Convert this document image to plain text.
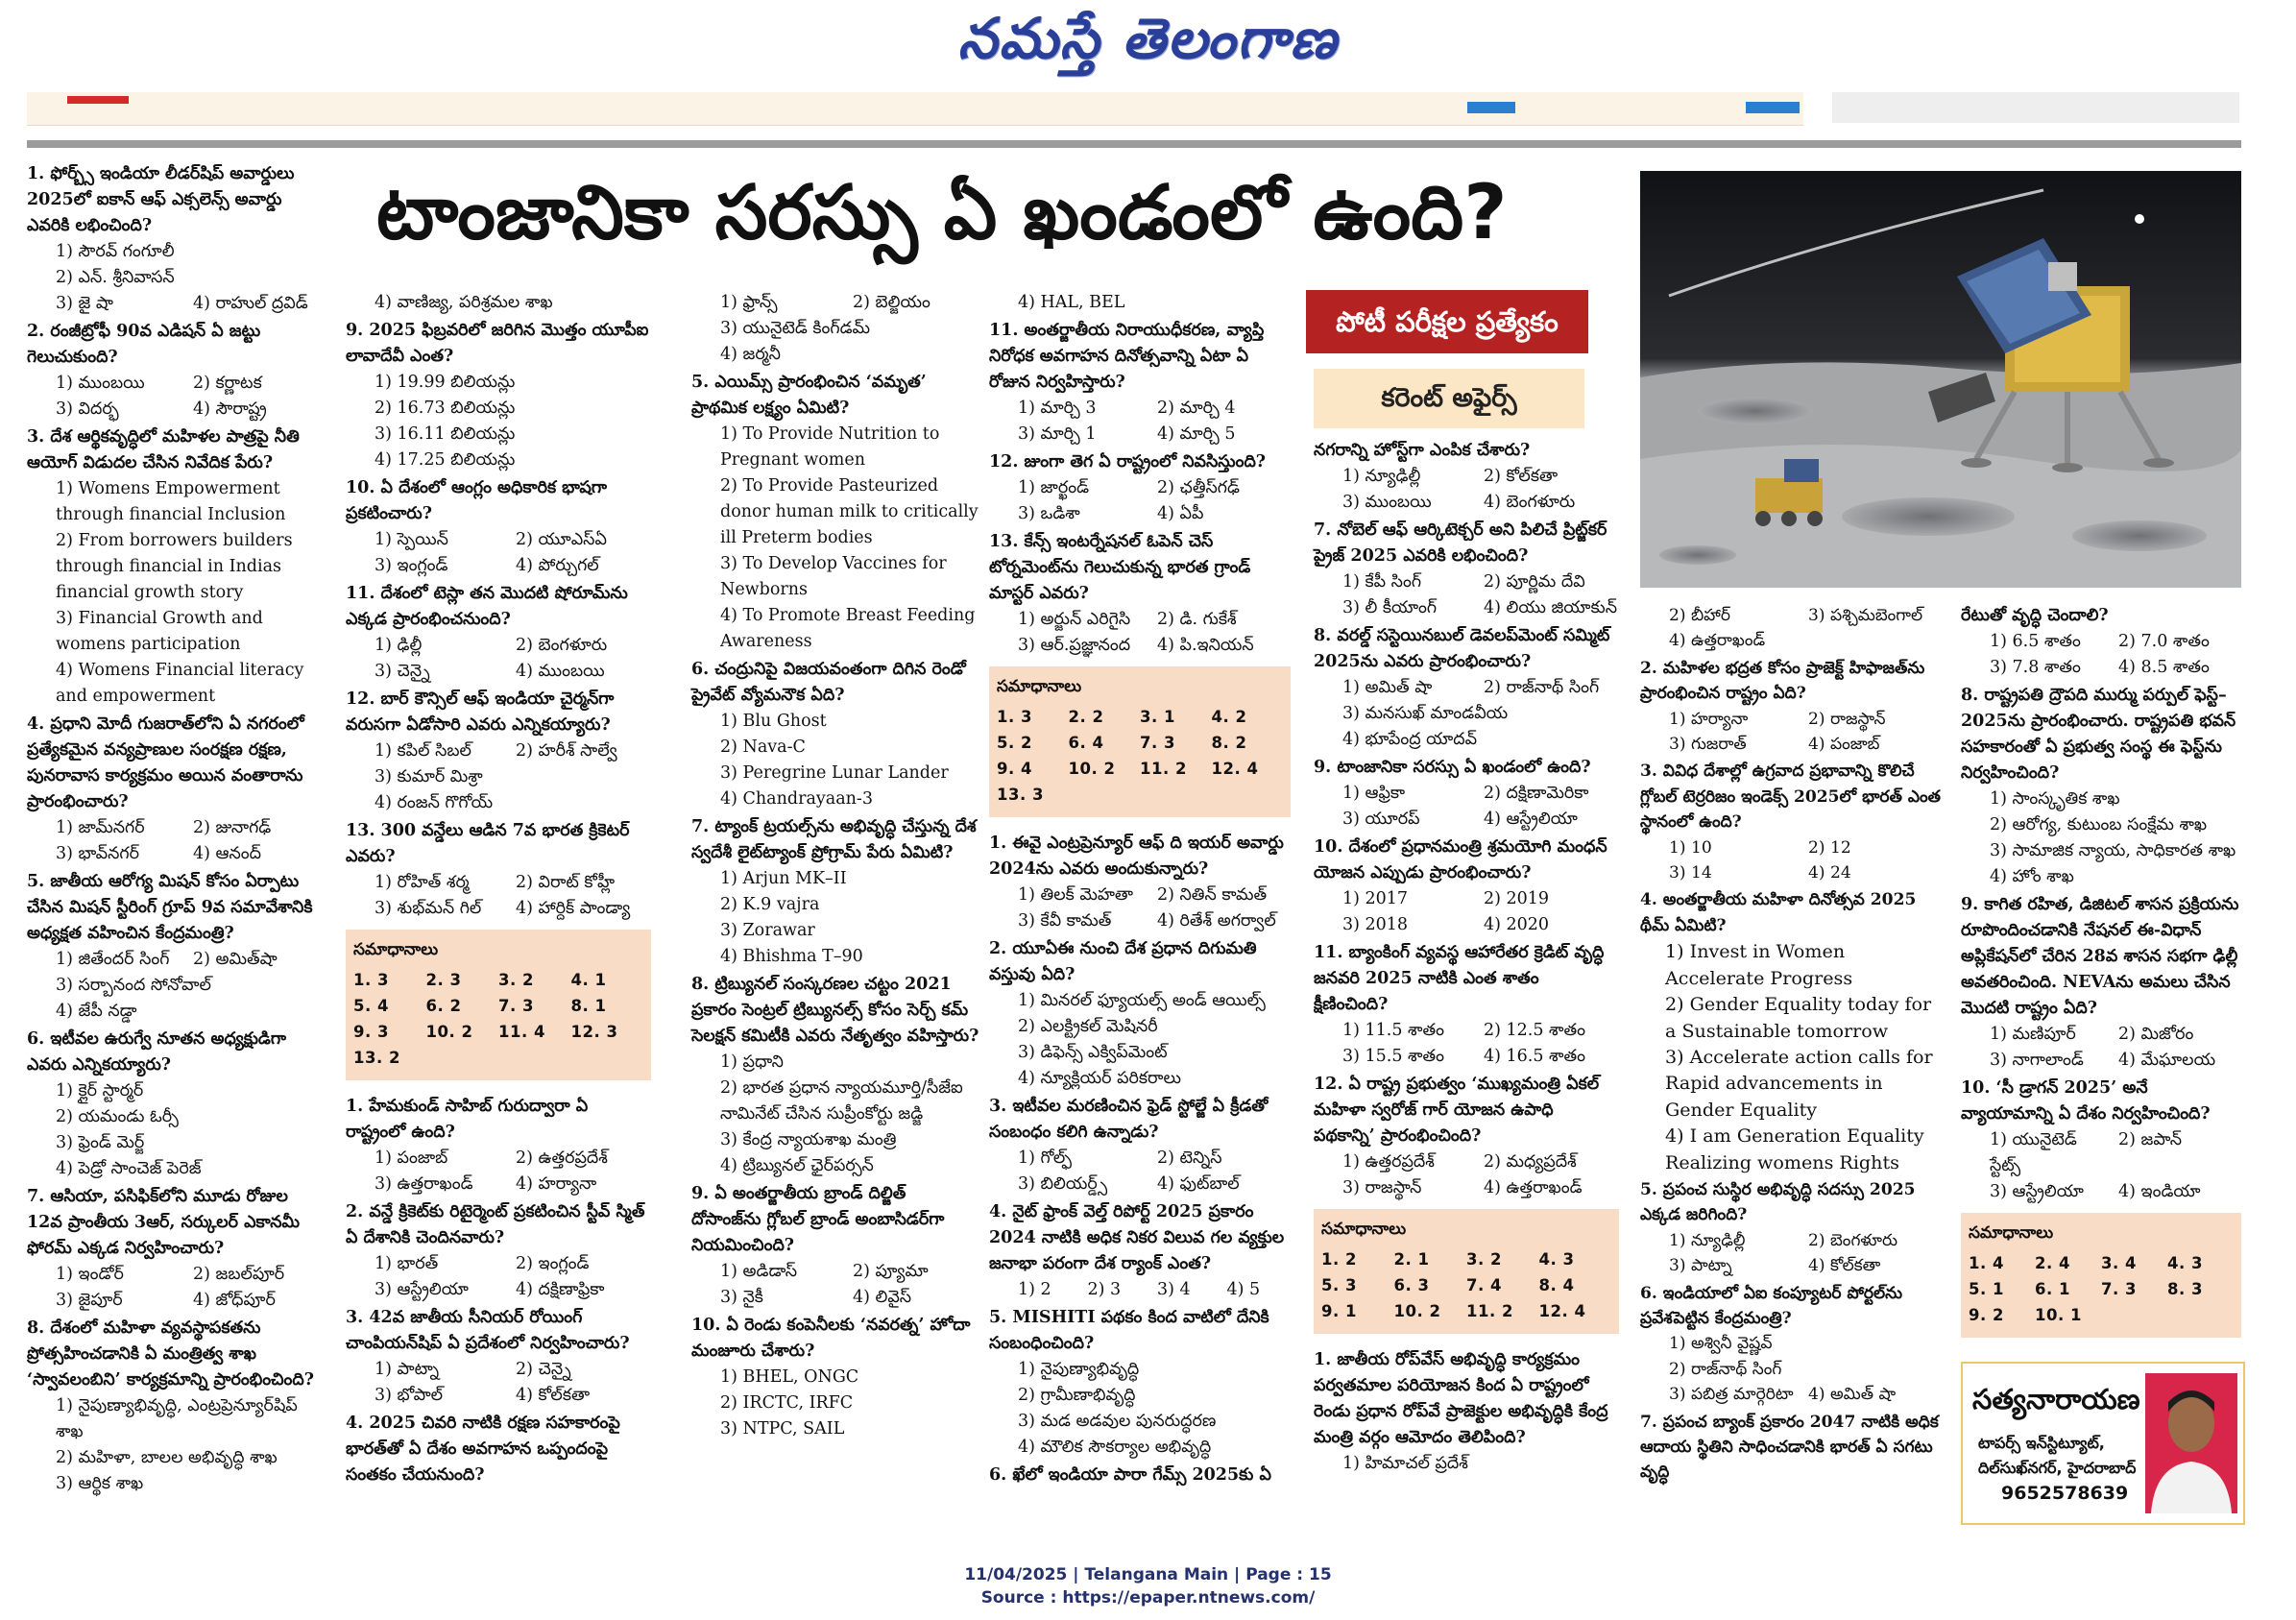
నమస్తే తెలంగాణ
టాంజానికా సరస్సు ఏ ఖండంలో ఉంది?
1. ఫోర్బ్స్ ఇండియా లీడర్‌షిప్ అవార్డులు 2025లో ఐకాన్ ఆఫ్ ఎక్సలెన్స్ అవార్డు ఎవరికి లభించింది?
1) సౌరవ్ గంగూలీ
2) ఎన్. శ్రీనివాసన్
3) జై షా	4) రాహుల్ ద్రవిడ్
2. రంజీట్రోఫీ 90వ ఎడిషన్ ఏ జట్టు గెలుచుకుంది?
1) ముంబయి	2) కర్ణాటక
3) విదర్భ	4) సౌరాష్ట్ర
3. దేశ ఆర్థికవృద్ధిలో మహిళల పాత్రపై నీతి ఆయోగ్ విడుదల చేసిన నివేదిక పేరు?
1) Womens Empowerment through financial Inclusion
2) From borrowers builders through financial in Indias financial growth story
3) Financial Growth and womens participation
4) Womens Financial literacy and empowerment
4. ప్రధాని మోదీ గుజరాత్‌లోని ఏ నగరంలో ప్రత్యేకమైన వన్యప్రాణుల సంరక్షణ రక్షణ, పునరావాస కార్యక్రమం అయిన వంతారాను ప్రారంభించారు?
1) జామ్‌నగర్	2) జునాగఢ్
3) భావ్‌నగర్	4) ఆనంద్
5. జాతీయ ఆరోగ్య మిషన్ కోసం ఏర్పాటు చేసిన మిషన్ స్టీరింగ్ గ్రూప్ 9వ సమావేశానికి అధ్యక్షత వహించిన కేంద్రమంత్రి?
1) జితేందర్ సింగ్	2) అమిత్‌షా
3) సర్బానంద సోనోవాల్
4) జేపీ నడ్డా
6. ఇటీవల ఉరుగ్వే నూతన అధ్యక్షుడిగా ఎవరు ఎన్నికయ్యారు?
1) క్లైర్ స్టార్మర్
2) యమండు ఓర్సీ
3) ఫ్రెండ్ మెర్జ్
4) పెడ్రో సాంచెజ్ పెరెజ్
7. ఆసియా, పసిఫిక్‌లోని మూడు రోజుల 12వ ప్రాంతీయ 3ఆర్, సర్కులర్ ఎకానమీ ఫోరమ్ ఎక్కడ నిర్వహించారు?
1) ఇండోర్	2) జబల్‌పూర్
3) జైపూర్	4) జోధ్‌పూర్
8. దేశంలో మహిళా వ్యవస్థాపకతను ప్రోత్సహించడానికి ఏ మంత్రిత్వ శాఖ ‘స్వావలంబిని’ కార్యక్రమాన్ని ప్రారంభించింది?
1) నైపుణ్యాభివృద్ధి, ఎంట్రప్రెన్యూర్‌షిప్ శాఖ
2) మహిళా, బాలల అభివృద్ధి శాఖ
3) ఆర్థిక శాఖ
4) వాణిజ్య, పరిశ్రమల శాఖ
9. 2025 ఫిబ్రవరిలో జరిగిన మొత్తం యూపీఐ లావాదేవీ ఎంత?
1) 19.99 బిలియన్లు
2) 16.73 బిలియన్లు
3) 16.11 బిలియన్లు
4) 17.25 బిలియన్లు
10. ఏ దేశంలో ఆంగ్లం అధికారిక భాషగా ప్రకటించారు?
1) స్పెయిన్	2) యూఎస్ఏ
3) ఇంగ్లండ్	4) పోర్చుగల్
11. దేశంలో టెస్లా తన మొదటి షోరూమ్‌ను ఎక్కడ ప్రారంభించనుంది?
1) ఢిల్లీ	2) బెంగళూరు
3) చెన్నై	4) ముంబయి
12. బార్ కౌన్సిల్ ఆఫ్ ఇండియా చైర్మన్‌గా వరుసగా ఏడోసారి ఎవరు ఎన్నికయ్యారు?
1) కపిల్ సిబల్	2) హరీశ్ సాల్వే
3) కుమార్ మిశ్రా
4) రంజన్ గొగోయ్
13. 300 వన్డేలు ఆడిన 7వ భారత క్రికెటర్ ఎవరు?
1) రోహిత్ శర్మ	2) విరాట్ కోహ్లీ
3) శుభ్‌మన్ గిల్	4) హార్దిక్ పాండ్యా
సమాధానాలు
1. 3	2. 3	3. 2	4. 1
5. 4	6. 2	7. 3	8. 1
9. 3	10. 2	11. 4	12. 3
13. 2
1. హేమకుండ్ సాహిబ్ గురుద్వారా ఏ రాష్ట్రంలో ఉంది?
1) పంజాబ్	2) ఉత్తరప్రదేశ్
3) ఉత్తరాఖండ్	4) హర్యానా
2. వన్డే క్రికెట్‌కు రిటైర్మెంట్ ప్రకటించిన స్టీవ్ స్మిత్ ఏ దేశానికి చెందినవారు?
1) భారత్	2) ఇంగ్లండ్
3) ఆస్ట్రేలియా	4) దక్షిణాఫ్రికా
3. 42వ జాతీయ సీనియర్ రోయింగ్ చాంపియన్‌షిప్ ఏ ప్రదేశంలో నిర్వహించారు?
1) పాట్నా	2) చెన్నై
3) భోపాల్	4) కోల్‌కతా
4. 2025 చివరి నాటికి రక్షణ సహకారంపై భారత్‌తో ఏ దేశం అవగాహన ఒప్పందంపై సంతకం చేయనుంది?
1) ఫ్రాన్స్	2) బెల్జియం
3) యునైటెడ్ కింగ్‌డమ్
4) జర్మనీ
5. ఎయిమ్స్ ప్రారంభించిన ‘వమృత’ ప్రాథమిక లక్ష్యం ఏమిటి?
1) To Provide Nutrition to Pregnant women
2) To Provide Pasteurized donor human milk to critically ill Preterm bodies
3) To Develop Vaccines for Newborns
4) To Promote Breast Feeding Awareness
6. చంద్రునిపై విజయవంతంగా దిగిన రెండో ప్రైవేట్ వ్యోమనౌక ఏది?
1) Blu Ghost
2) Nava-C
3) Peregrine Lunar Lander
4) Chandrayaan-3
7. ట్యాంక్ ట్రయల్స్‌ను అభివృద్ధి చేస్తున్న దేశ స్వదేశీ లైట్‌ట్యాంక్ ప్రోగ్రామ్ పేరు ఏమిటి?
1) Arjun MK–II
2) K.9 vajra
3) Zorawar
4) Bhishma T–90
8. ట్రిబ్యునల్ సంస్కరణల చట్టం 2021 ప్రకారం సెంట్రల్ ట్రిబ్యునల్స్ కోసం సెర్చ్ కమ్ సెలక్షన్ కమిటీకి ఎవరు నేతృత్వం వహిస్తారు?
1) ప్రధాని
2) భారత ప్రధాన న్యాయమూర్తి/సీజేఐ నామినేట్ చేసిన సుప్రీంకోర్టు జడ్జి
3) కేంద్ర న్యాయశాఖ మంత్రి
4) ట్రిబ్యునల్ ఛైర్‌పర్సన్
9. ఏ అంతర్జాతీయ బ్రాండ్ దిల్జిత్ దోసాంజ్‌ను గ్లోబల్ బ్రాండ్ అంబాసిడర్‌గా నియమించింది?
1) అడిడాస్	2) ప్యూమా
3) నైకీ	4) లివైస్
10. ఏ రెండు కంపెనీలకు ‘నవరత్న’ హోదా మంజూరు చేశారు?
1) BHEL, ONGC
2) IRCTC, IRFC
3) NTPC, SAIL
4) HAL, BEL
11. అంతర్జాతీయ నిరాయుధీకరణ, వ్యాప్తి నిరోధక అవగాహన దినోత్సవాన్ని ఏటా ఏ రోజున నిర్వహిస్తారు?
1) మార్చి 3	2) మార్చి 4
3) మార్చి 1	4) మార్చి 5
12. జుంగా తెగ ఏ రాష్ట్రంలో నివసిస్తుంది?
1) జార్ఖండ్	2) ఛత్తీస్‌గఢ్
3) ఒడిశా	4) ఏపీ
13. కేన్స్ ఇంటర్నేషనల్ ఓపెన్ చెస్ టోర్నమెంట్‌ను గెలుచుకున్న భారత గ్రాండ్ మాస్టర్ ఎవరు?
1) అర్జున్ ఎరిగైసి	2) డి. గుకేశ్
3) ఆర్.ప్రజ్ఞానంద	4) పి.ఇనియన్
సమాధానాలు
1. 3	2. 2	3. 1	4. 2
5. 2	6. 4	7. 3	8. 2
9. 4	10. 2	11. 2	12. 4
13. 3
1. ఈవై ఎంట్రప్రెన్యూర్ ఆఫ్ ది ఇయర్ అవార్డు 2024ను ఎవరు అందుకున్నారు?
1) తిలక్ మెహతా	2) నితిన్ కామత్
3) కేవీ కామత్	4) రితేశ్ అగర్వాల్
2. యూఏఈ నుంచి దేశ ప్రధాన దిగుమతి వస్తువు ఏది?
1) మినరల్ ఫ్యూయల్స్ అండ్ ఆయిల్స్
2) ఎలక్ట్రికల్ మెషినరీ
3) డిఫెన్స్ ఎక్విప్‌మెంట్
4) న్యూక్లియర్ పరికరాలు
3. ఇటీవల మరణించిన ఫ్రెడ్ స్టోల్జే ఏ క్రీడతో సంబంధం కలిగి ఉన్నాడు?
1) గోల్ఫ్	2) టెన్నిస్
3) బిలియర్డ్స్	4) ఫుట్‌బాల్
4. నైట్ ఫ్రాంక్ వెల్త్ రిపోర్ట్ 2025 ప్రకారం 2024 నాటికి అధిక నికర విలువ గల వ్యక్తుల జనాభా పరంగా దేశ ర్యాంక్ ఎంత?
1) 2	2) 3	3) 4	4) 5
5. MISHITI పథకం కింద వాటిలో దేనికి సంబంధించింది?
1) నైపుణ్యాభివృద్ధి
2) గ్రామీణాభివృద్ధి
3) మడ అడవుల పునరుద్ధరణ
4) మౌలిక సౌకర్యాల అభివృద్ధి
6. ఖేలో ఇండియా పారా గేమ్స్ 2025కు ఏ
నగరాన్ని హోస్ట్‌గా ఎంపిక చేశారు?
1) న్యూఢిల్లీ	2) కోల్‌కతా
3) ముంబయి	4) బెంగళూరు
7. నోబెల్ ఆఫ్ ఆర్కిటెక్చర్ అని పిలిచే ప్రిట్జ్‌కర్ ప్రైజ్ 2025 ఎవరికి లభించింది?
1) కేపీ సింగ్	2) పూర్ణిమ దేవి
3) లీ కీయాంగ్	4) లియు జియాకున్
8. వరల్డ్ సస్టెయినబుల్ డెవలప్‌మెంట్ సమ్మిట్ 2025ను ఎవరు ప్రారంభించారు?
1) అమిత్ షా	2) రాజ్‌నాథ్ సింగ్
3) మనసుఖ్ మాండవీయ
4) భూపేంద్ర యాదవ్
9. టాంజానికా సరస్సు ఏ ఖండంలో ఉంది?
1) ఆఫ్రికా	2) దక్షిణామెరికా
3) యూరప్	4) ఆస్ట్రేలియా
10. దేశంలో ప్రధానమంత్రి శ్రమయోగి మంధన్ యోజన ఎప్పుడు ప్రారంభించారు?
1) 2017	2) 2019
3) 2018	4) 2020
11. బ్యాంకింగ్ వ్యవస్థ ఆహారేతర క్రెడిట్ వృద్ధి జనవరి 2025 నాటికి ఎంత శాతం క్షీణించింది?
1) 11.5 శాతం	2) 12.5 శాతం
3) 15.5 శాతం	4) 16.5 శాతం
12. ఏ రాష్ట్ర ప్రభుత్వం ‘ముఖ్యమంత్రి ఏకల్ మహిళా స్వరోజ్ గార్ యోజన ఉపాధి పథకాన్ని’ ప్రారంభించింది?
1) ఉత్తరప్రదేశ్	2) మధ్యప్రదేశ్
3) రాజస్థాన్	4) ఉత్తరాఖండ్
సమాధానాలు
1. 2	2. 1	3. 2	4. 3
5. 3	6. 3	7. 4	8. 4
9. 1	10. 2	11. 2	12. 4
1. జాతీయ రోప్‌వేస్ అభివృద్ధి కార్యక్రమం పర్వతమాల పరియోజన కింద ఏ రాష్ట్రంలో రెండు ప్రధాన రోప్‌వే ప్రాజెక్టుల అభివృద్ధికి కేంద్ర మంత్రి వర్గం ఆమోదం తెలిపింది?
1) హిమాచల్ ప్రదేశ్
2) బీహార్	3) పశ్చిమబెంగాల్
4) ఉత్తరాఖండ్
2. మహిళల భద్రత కోసం ప్రాజెక్ట్ హిఫాజత్‌ను ప్రారంభించిన రాష్ట్రం ఏది?
1) హర్యానా	2) రాజస్థాన్
3) గుజరాత్	4) పంజాబ్
3. వివిధ దేశాల్లో ఉగ్రవాద ప్రభావాన్ని కొలిచే గ్లోబల్ టెర్రరిజం ఇండెక్స్ 2025లో భారత్ ఎంత స్థానంలో ఉంది?
1) 10	2) 12
3) 14	4) 24
4. అంతర్జాతీయ మహిళా దినోత్సవ 2025 థీమ్ ఏమిటి?
1) Invest in Women Accelerate Progress
2) Gender Equality today for a Sustainable tomorrow
3) Accelerate action calls for Rapid advancements in Gender Equality
4) I am Generation Equality Realizing womens Rights
5. ప్రపంచ సుస్థిర అభివృద్ధి సదస్సు 2025 ఎక్కడ జరిగింది?
1) న్యూఢిల్లీ	2) బెంగళూరు
3) పాట్నా	4) కోల్‌కతా
6. ఇండియాలో ఏఐ కంప్యూటర్ పోర్టల్‌ను ప్రవేశపెట్టిన కేంద్రమంత్రి?
1) అశ్వినీ వైష్ణవ్
2) రాజ్‌నాథ్ సింగ్
3) పబిత్ర మార్గెరిటా 4) అమిత్ షా
7. ప్రపంచ బ్యాంక్ ప్రకారం 2047 నాటికి అధిక ఆదాయ స్థితిని సాధించడానికి భారత్ ఏ సగటు వృద్ధి
రేటుతో వృద్ధి చెందాలి?
1) 6.5 శాతం	2) 7.0 శాతం
3) 7.8 శాతం	4) 8.5 శాతం
8. రాష్ట్రపతి ద్రౌపది ముర్ము పర్పుల్ ఫెస్ట్–2025ను ప్రారంభించారు. రాష్ట్రపతి భవన్ సహకారంతో ఏ ప్రభుత్వ సంస్థ ఈ ఫెస్ట్‌ను నిర్వహించింది?
1) సాంస్కృతిక శాఖ
2) ఆరోగ్య, కుటుంబ సంక్షేమ శాఖ
3) సామాజిక న్యాయ, సాధికారత శాఖ
4) హోం శాఖ
9. కాగిత రహిత, డిజిటల్ శాసన ప్రక్రియను రూపొందించడానికి నేషనల్ ఈ-విధాన్ అప్లికేషన్‌లో చేరిన 28వ శాసన సభగా ఢిల్లీ అవతరించింది. NEVAను అమలు చేసిన మొదటి రాష్ట్రం ఏది?
1) మణిపూర్	2) మిజోరం
3) నాగాలాండ్	4) మేఘాలయ
10. ‘సీ డ్రాగన్ 2025’ అనే వ్యాయామాన్ని ఏ దేశం నిర్వహించింది?
1) యునైటెడ్ స్టేట్స్
2) జపాన్
3) ఆస్ట్రేలియా	4) ఇండియా
సమాధానాలు
1. 4	2. 4	3. 4	4. 3
5. 1	6. 1	7. 3	8. 3
9. 2	10. 1
పోటీ పరీక్షల ప్రత్యేకం
కరెంట్ అఫైర్స్
సత్యనారాయణ
టాపర్స్ ఇన్‌స్టిట్యూట్,
దిల్‌సుఖ్‌నగర్, హైదరాబాద్
9652578639
11/04/2025 | Telangana Main | Page : 15
Source : https://epaper.ntnews.com/
